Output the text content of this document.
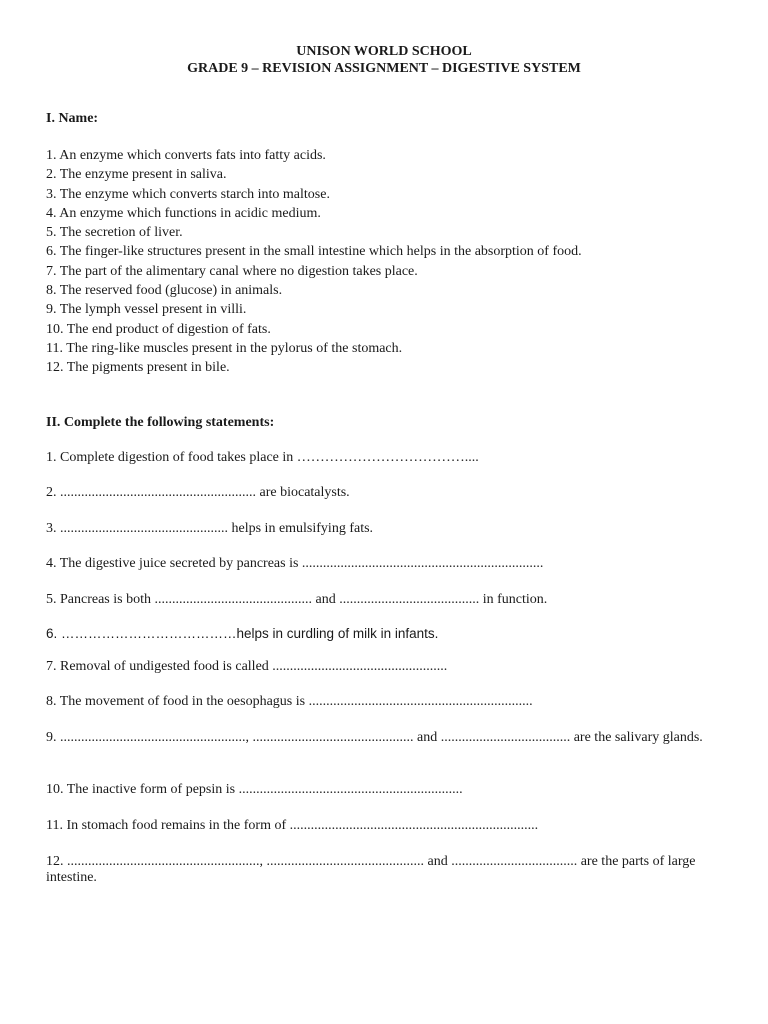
UNISON WORLD SCHOOL
GRADE 9 – REVISION ASSIGNMENT – DIGESTIVE SYSTEM
I. Name:
1. An enzyme which converts fats into fatty acids.
2. The enzyme present in saliva.
3. The enzyme which converts starch into maltose.
4. An enzyme which functions in acidic medium.
5. The secretion of liver.
6. The finger-like structures present in the small intestine which helps in the absorption of food.
7. The part of the alimentary canal where no digestion takes place.
8. The reserved food (glucose) in animals.
9. The lymph vessel present in villi.
10. The end product of digestion of fats.
11. The ring-like muscles present in the pylorus of the stomach.
12. The pigments present in bile.
II. Complete the following statements:
1. Complete digestion of food takes place in ………………………………....
2. ........................................................ are biocatalysts.
3. ................................................ helps in emulsifying fats.
4. The digestive juice secreted by pancreas is .....................................................................
5. Pancreas is both ............................................. and ........................................ in function.
6. …………………………………helps in curdling of milk in infants.
7. Removal of undigested food is called ..................................................
8. The movement of food in the oesophagus is ................................................................
9. ....................................................., .............................................. and ..................................... are the salivary glands.
10. The inactive form of pepsin is ................................................................
11. In stomach food remains in the form of .......................................................................
12. ......................................................., ............................................. and .................................... are the parts of large intestine.
